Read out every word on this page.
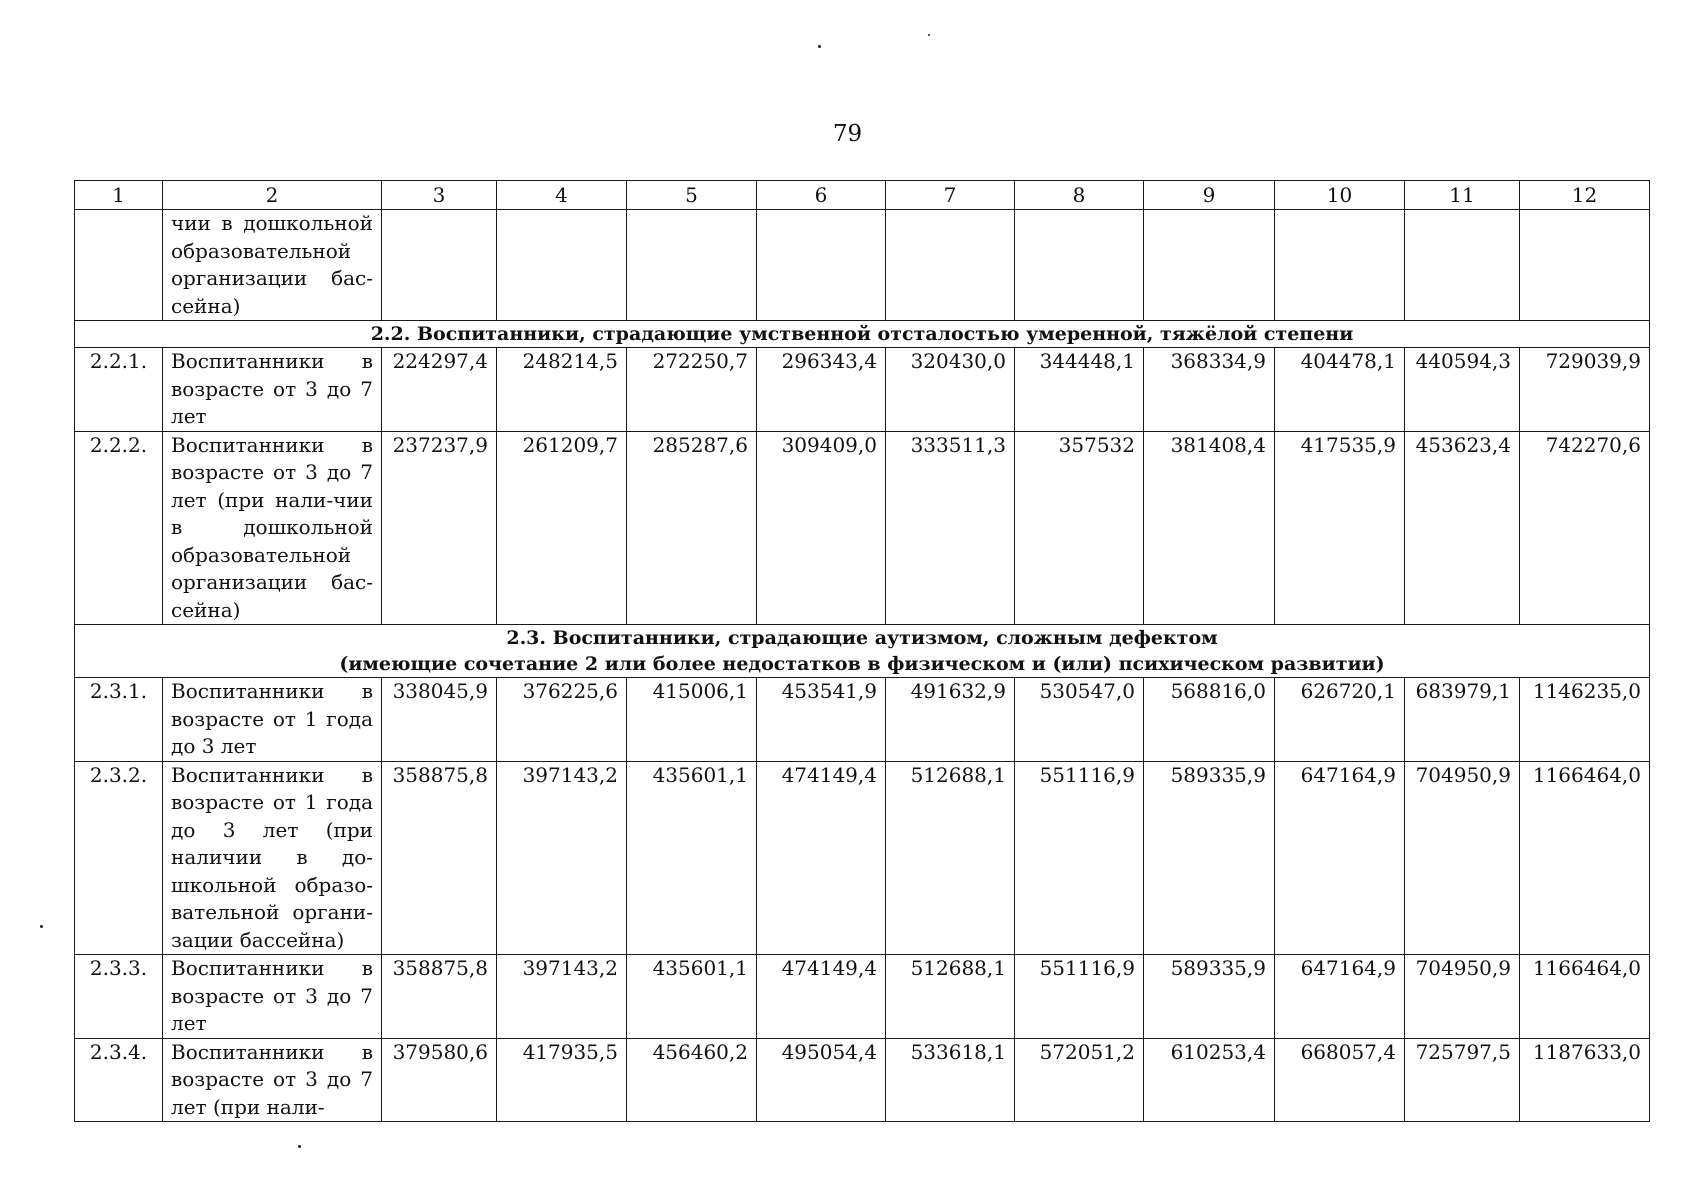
79
1	2	3	4	5	6	7	8	9	10	11	12
	чии в дошкольной образовательной организации бас-сейна)										

2.2. Воспитанники, страдающие умственной отсталостью умеренной, тяжёлой степени											

2.2.1.	Воспитанники в возрасте от 3 до 7 лет	224297,4	248214,5	272250,7	296343,4	320430,0	344448,1	368334,9	404478,1	440594,3	729039,9
2.2.2.	Воспитанники в возрасте от 3 до 7 лет (при нали-чии в дошкольной образовательной организации бас-сейна)	237237,9	261209,7	285287,6	309409,0	333511,3	357532	381408,4	417535,9	453623,4	742270,6

2.3. Воспитанники, страдающие аутизмом, сложным дефектом
(имеющие сочетание 2 или более недостатков в физическом и (или) психическом развитии)											

2.3.1.	Воспитанники в возрасте от 1 года до 3 лет	338045,9	376225,6	415006,1	453541,9	491632,9	530547,0	568816,0	626720,1	683979,1	1146235,0
2.3.2.	Воспитанники в возрасте от 1 года до 3 лет (при наличии в до-школьной образо-вательной органи-зации бассейна)	358875,8	397143,2	435601,1	474149,4	512688,1	551116,9	589335,9	647164,9	704950,9	1166464,0
2.3.3.	Воспитанники в возрасте от 3 до 7 лет	358875,8	397143,2	435601,1	474149,4	512688,1	551116,9	589335,9	647164,9	704950,9	1166464,0
2.3.4.	Воспитанники в возрасте от 3 до 7 лет (при нали-	379580,6	417935,5	456460,2	495054,4	533618,1	572051,2	610253,4	668057,4	725797,5	1187633,0
